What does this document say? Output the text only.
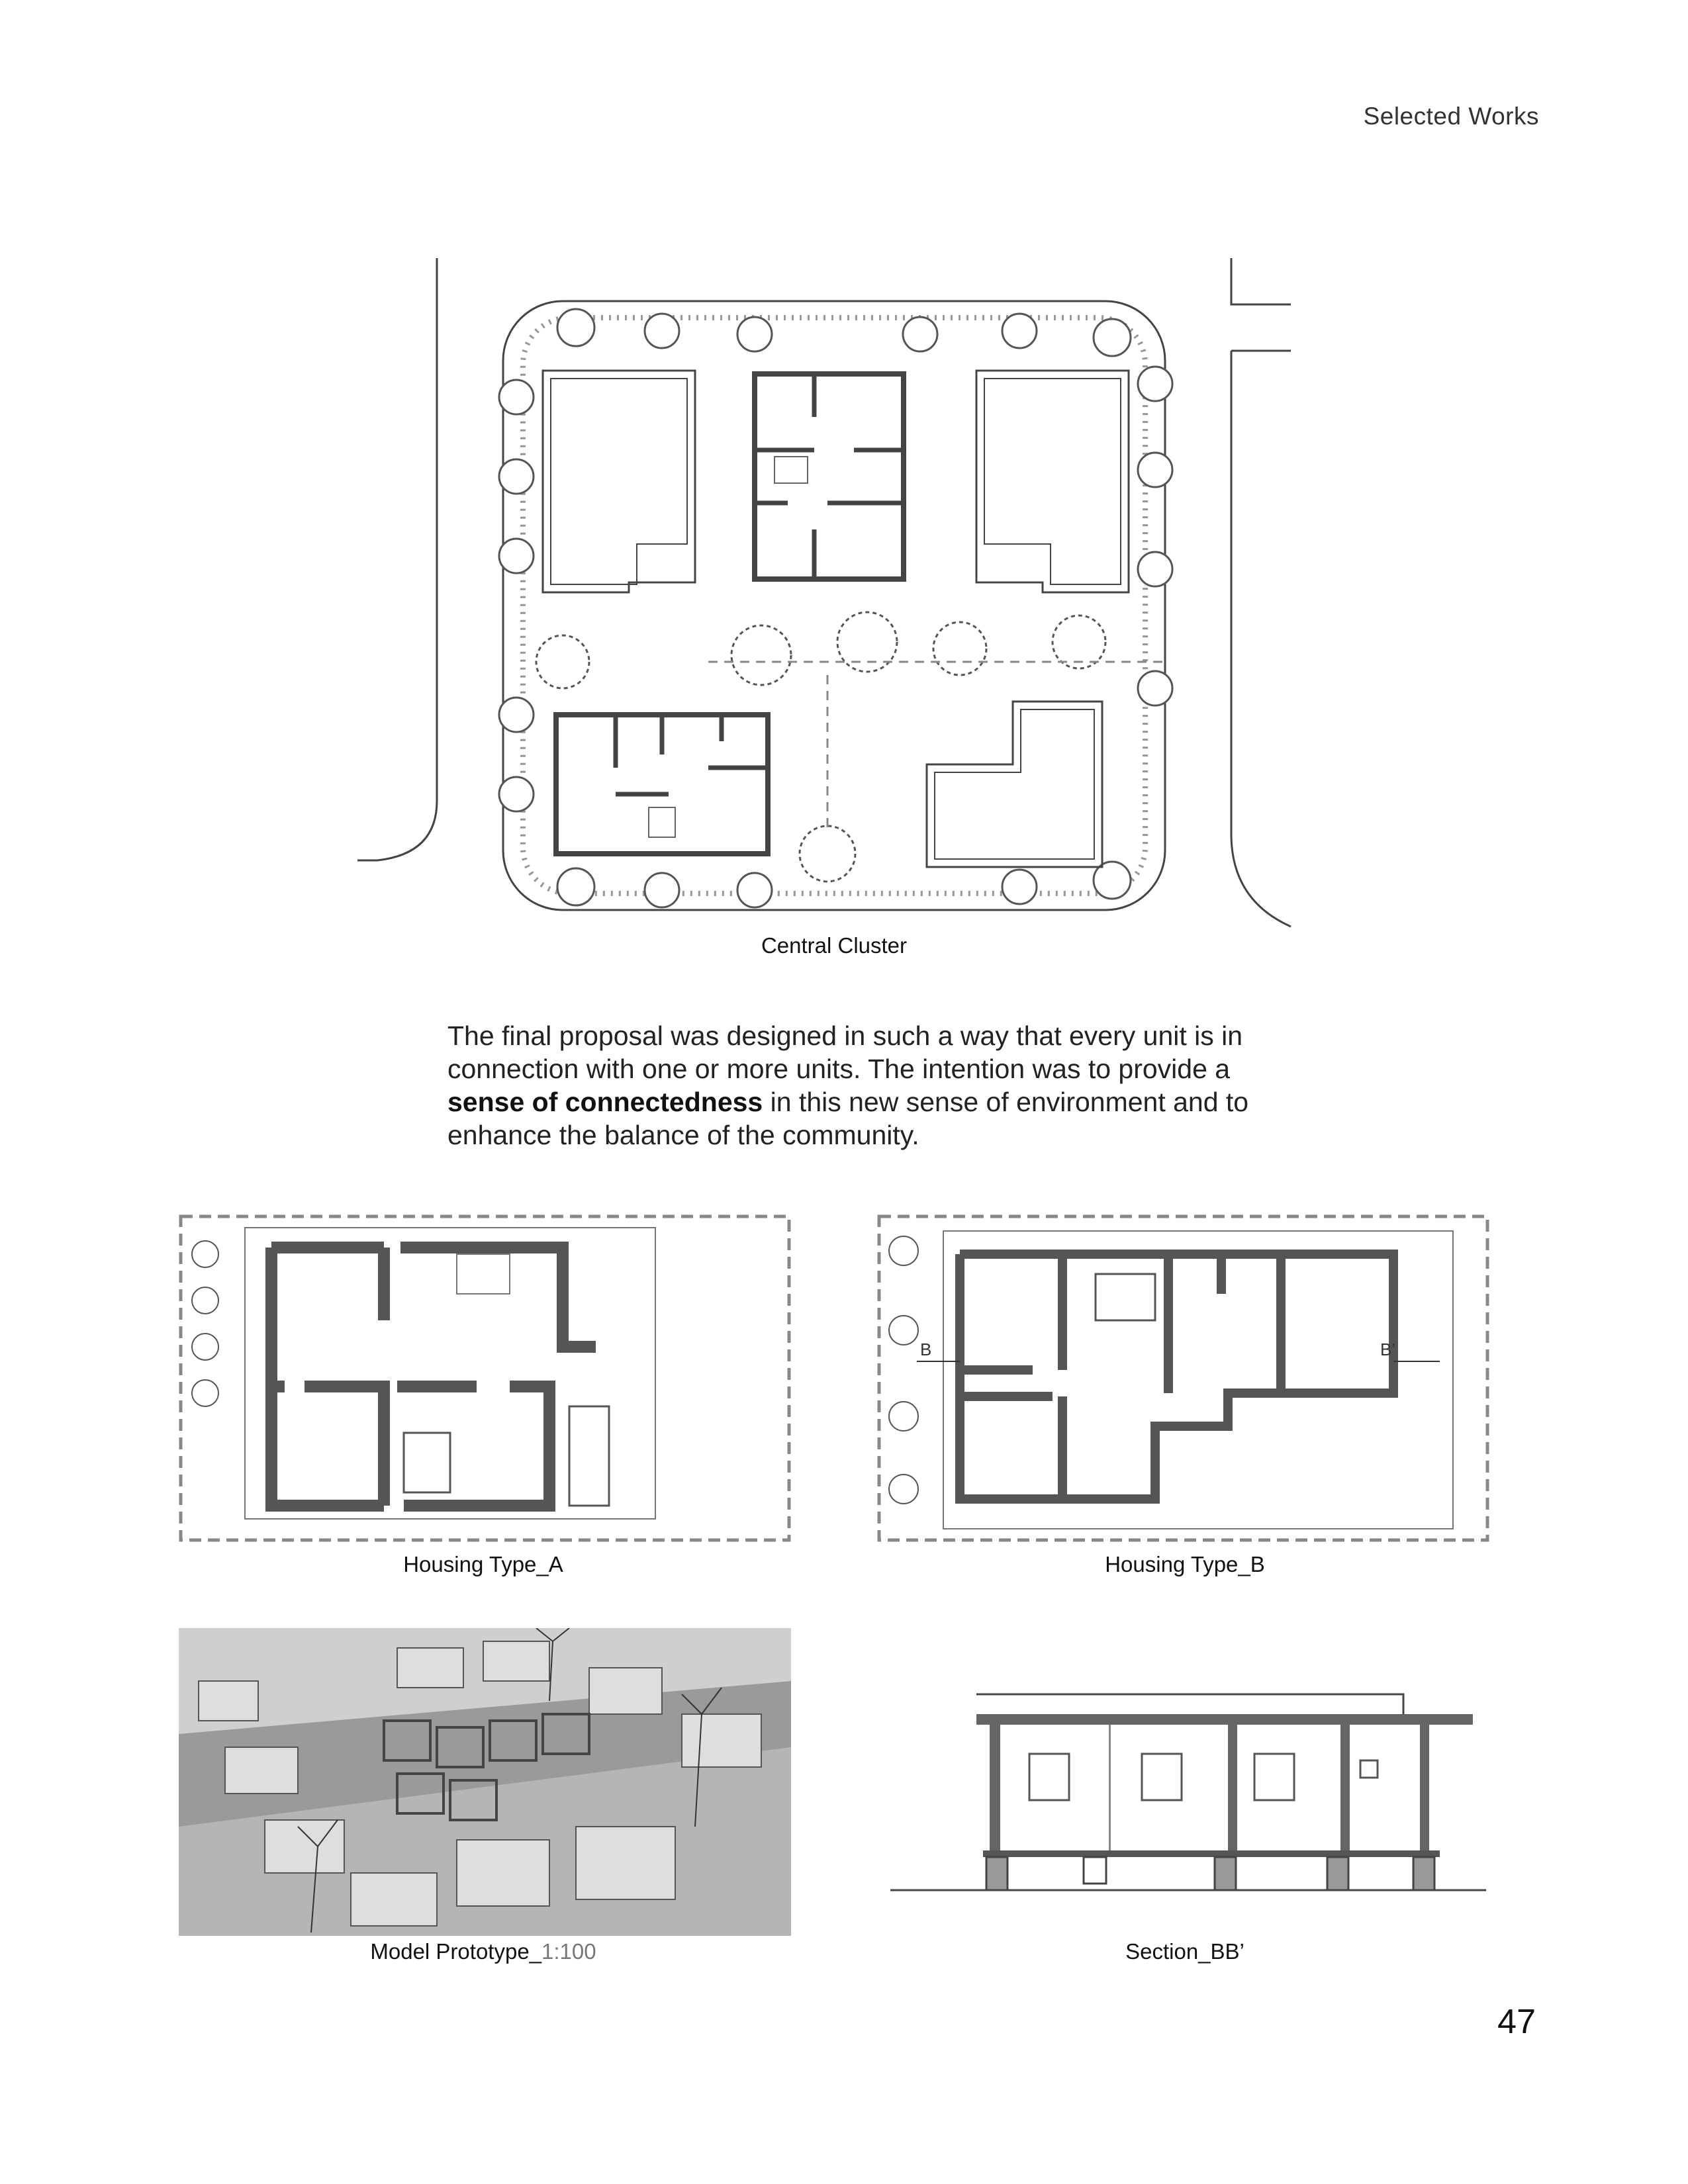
Selected Works
Central Cluster
The final proposal was designed in such a way that every unit is in connection with one or more units. The intention was to provide a sense of connectedness in this new sense of environment and to enhance the balance of the community.
Housing Type_A
B	B’
Housing Type_B
Model Prototype_1:100	Section_BB’
47
